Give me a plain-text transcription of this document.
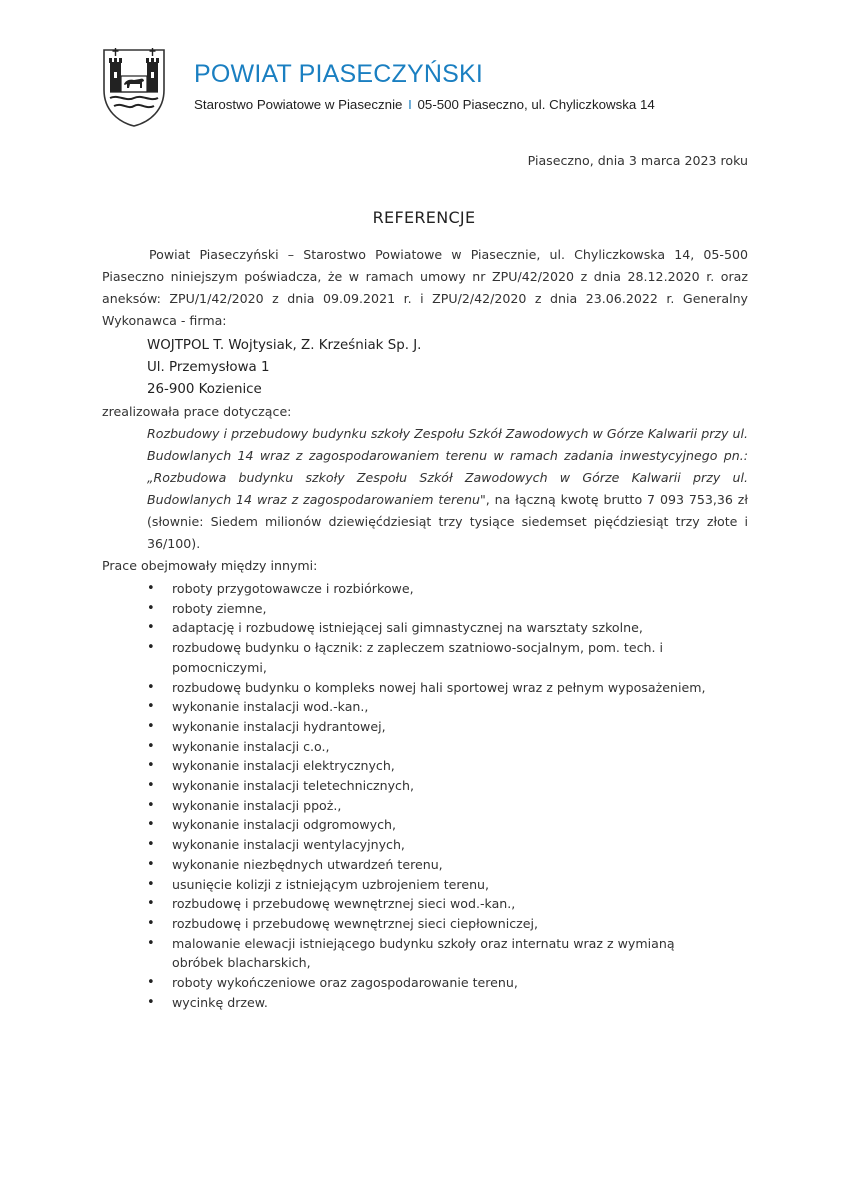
POWIAT PIASECZYŃSKI
Starostwo Powiatowe w Piasecznie I 05-500 Piaseczno, ul. Chyliczkowska 14
Piaseczno, dnia 3 marca 2023 roku
REFERENCJE

Powiat Piaseczyński – Starostwo Powiatowe w Piasecznie, ul. Chyliczkowska 14, 05-500 Piaseczno niniejszym poświadcza, że w ramach umowy nr ZPU/42/2020 z dnia 28.12.2020 r. oraz aneksów: ZPU/1/42/2020 z dnia 09.09.2021 r. i ZPU/2/42/2020 z dnia 23.06.2022 r. Generalny Wykonawca - firma:

WOJTPOL T. Wojtysiak, Z. Krześniak Sp. J.
Ul. Przemysłowa 1
26-900 Kozienice

zrealizowała prace dotyczące:

Rozbudowy i przebudowy budynku szkoły Zespołu Szkół Zawodowych w Górze Kalwarii przy ul. Budowlanych 14 wraz z zagospodarowaniem terenu w ramach zadania inwestycyjnego pn.: „Rozbudowa budynku szkoły Zespołu Szkół Zawodowych w Górze Kalwarii przy ul. Budowlanych 14 wraz z zagospodarowaniem terenu", na łączną kwotę brutto 7 093 753,36 zł (słownie: Siedem milionów dziewięćdziesiąt trzy tysiące siedemset pięćdziesiąt trzy złote i 36/100).

Prace obejmowały między innymi:

• roboty przygotowawcze i rozbiórkowe,
• roboty ziemne,
• adaptację i rozbudowę istniejącej sali gimnastycznej na warsztaty szkolne,
• rozbudowę budynku o łącznik: z zapleczem szatniowo-socjalnym, pom. tech. i pomocniczymi,
• rozbudowę budynku o kompleks nowej hali sportowej wraz z pełnym wyposażeniem,
• wykonanie instalacji wod.-kan.,
• wykonanie instalacji hydrantowej,
• wykonanie instalacji c.o.,
• wykonanie instalacji elektrycznych,
• wykonanie instalacji teletechnicznych,
• wykonanie instalacji ppoż.,
• wykonanie instalacji odgromowych,
• wykonanie instalacji wentylacyjnych,
• wykonanie niezbędnych utwardzeń terenu,
• usunięcie kolizji z istniejącym uzbrojeniem terenu,
• rozbudowę i przebudowę wewnętrznej sieci wod.-kan.,
• rozbudowę i przebudowę wewnętrznej sieci ciepłowniczej,
• malowanie elewacji istniejącego budynku szkoły oraz internatu wraz z wymianą obróbek blacharskich,
• roboty wykończeniowe oraz zagospodarowanie terenu,
• wycinkę drzew.
